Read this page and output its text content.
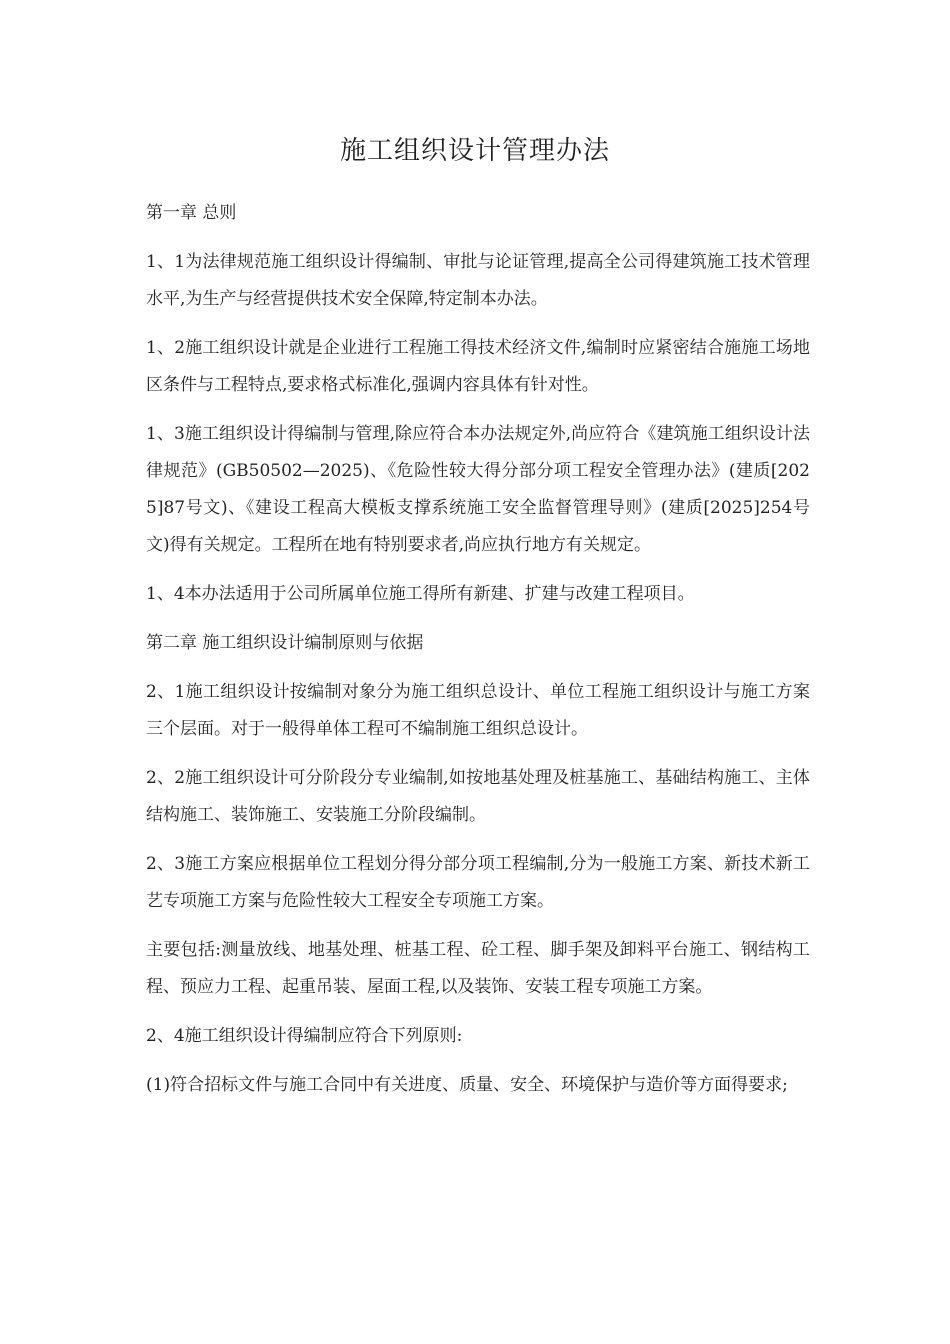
施工组织设计管理办法

第一章 总则

1、1为法律规范施工组织设计得编制、审批与论证管理,提高全公司得建筑施工技术管理水平,为生产与经营提供技术安全保障,特定制本办法。

1、2施工组织设计就是企业进行工程施工得技术经济文件,编制时应紧密结合施施工场地区条件与工程特点,要求格式标准化,强调内容具体有针对性。

1、3施工组织设计得编制与管理,除应符合本办法规定外,尚应符合《建筑施工组织设计法律规范》(GB50502—2025)、《危险性较大得分部分项工程安全管理办法》(建质[2025]87号文)、《建设工程高大模板支撑系统施工安全监督管理导则》(建质[2025]254号文)得有关规定。工程所在地有特别要求者,尚应执行地方有关规定。

1、4本办法适用于公司所属单位施工得所有新建、扩建与改建工程项目。

第二章 施工组织设计编制原则与依据

2、1施工组织设计按编制对象分为施工组织总设计、单位工程施工组织设计与施工方案三个层面。对于一般得单体工程可不编制施工组织总设计。

2、2施工组织设计可分阶段分专业编制,如按地基处理及桩基施工、基础结构施工、主体结构施工、装饰施工、安装施工分阶段编制。

2、3施工方案应根据单位工程划分得分部分项工程编制,分为一般施工方案、新技术新工艺专项施工方案与危险性较大工程安全专项施工方案。

主要包括:测量放线、地基处理、桩基工程、砼工程、脚手架及卸料平台施工、钢结构工程、预应力工程、起重吊装、屋面工程,以及装饰、安装工程专项施工方案。

2、4施工组织设计得编制应符合下列原则:

(1)符合招标文件与施工合同中有关进度、质量、安全、环境保护与造价等方面得要求;
